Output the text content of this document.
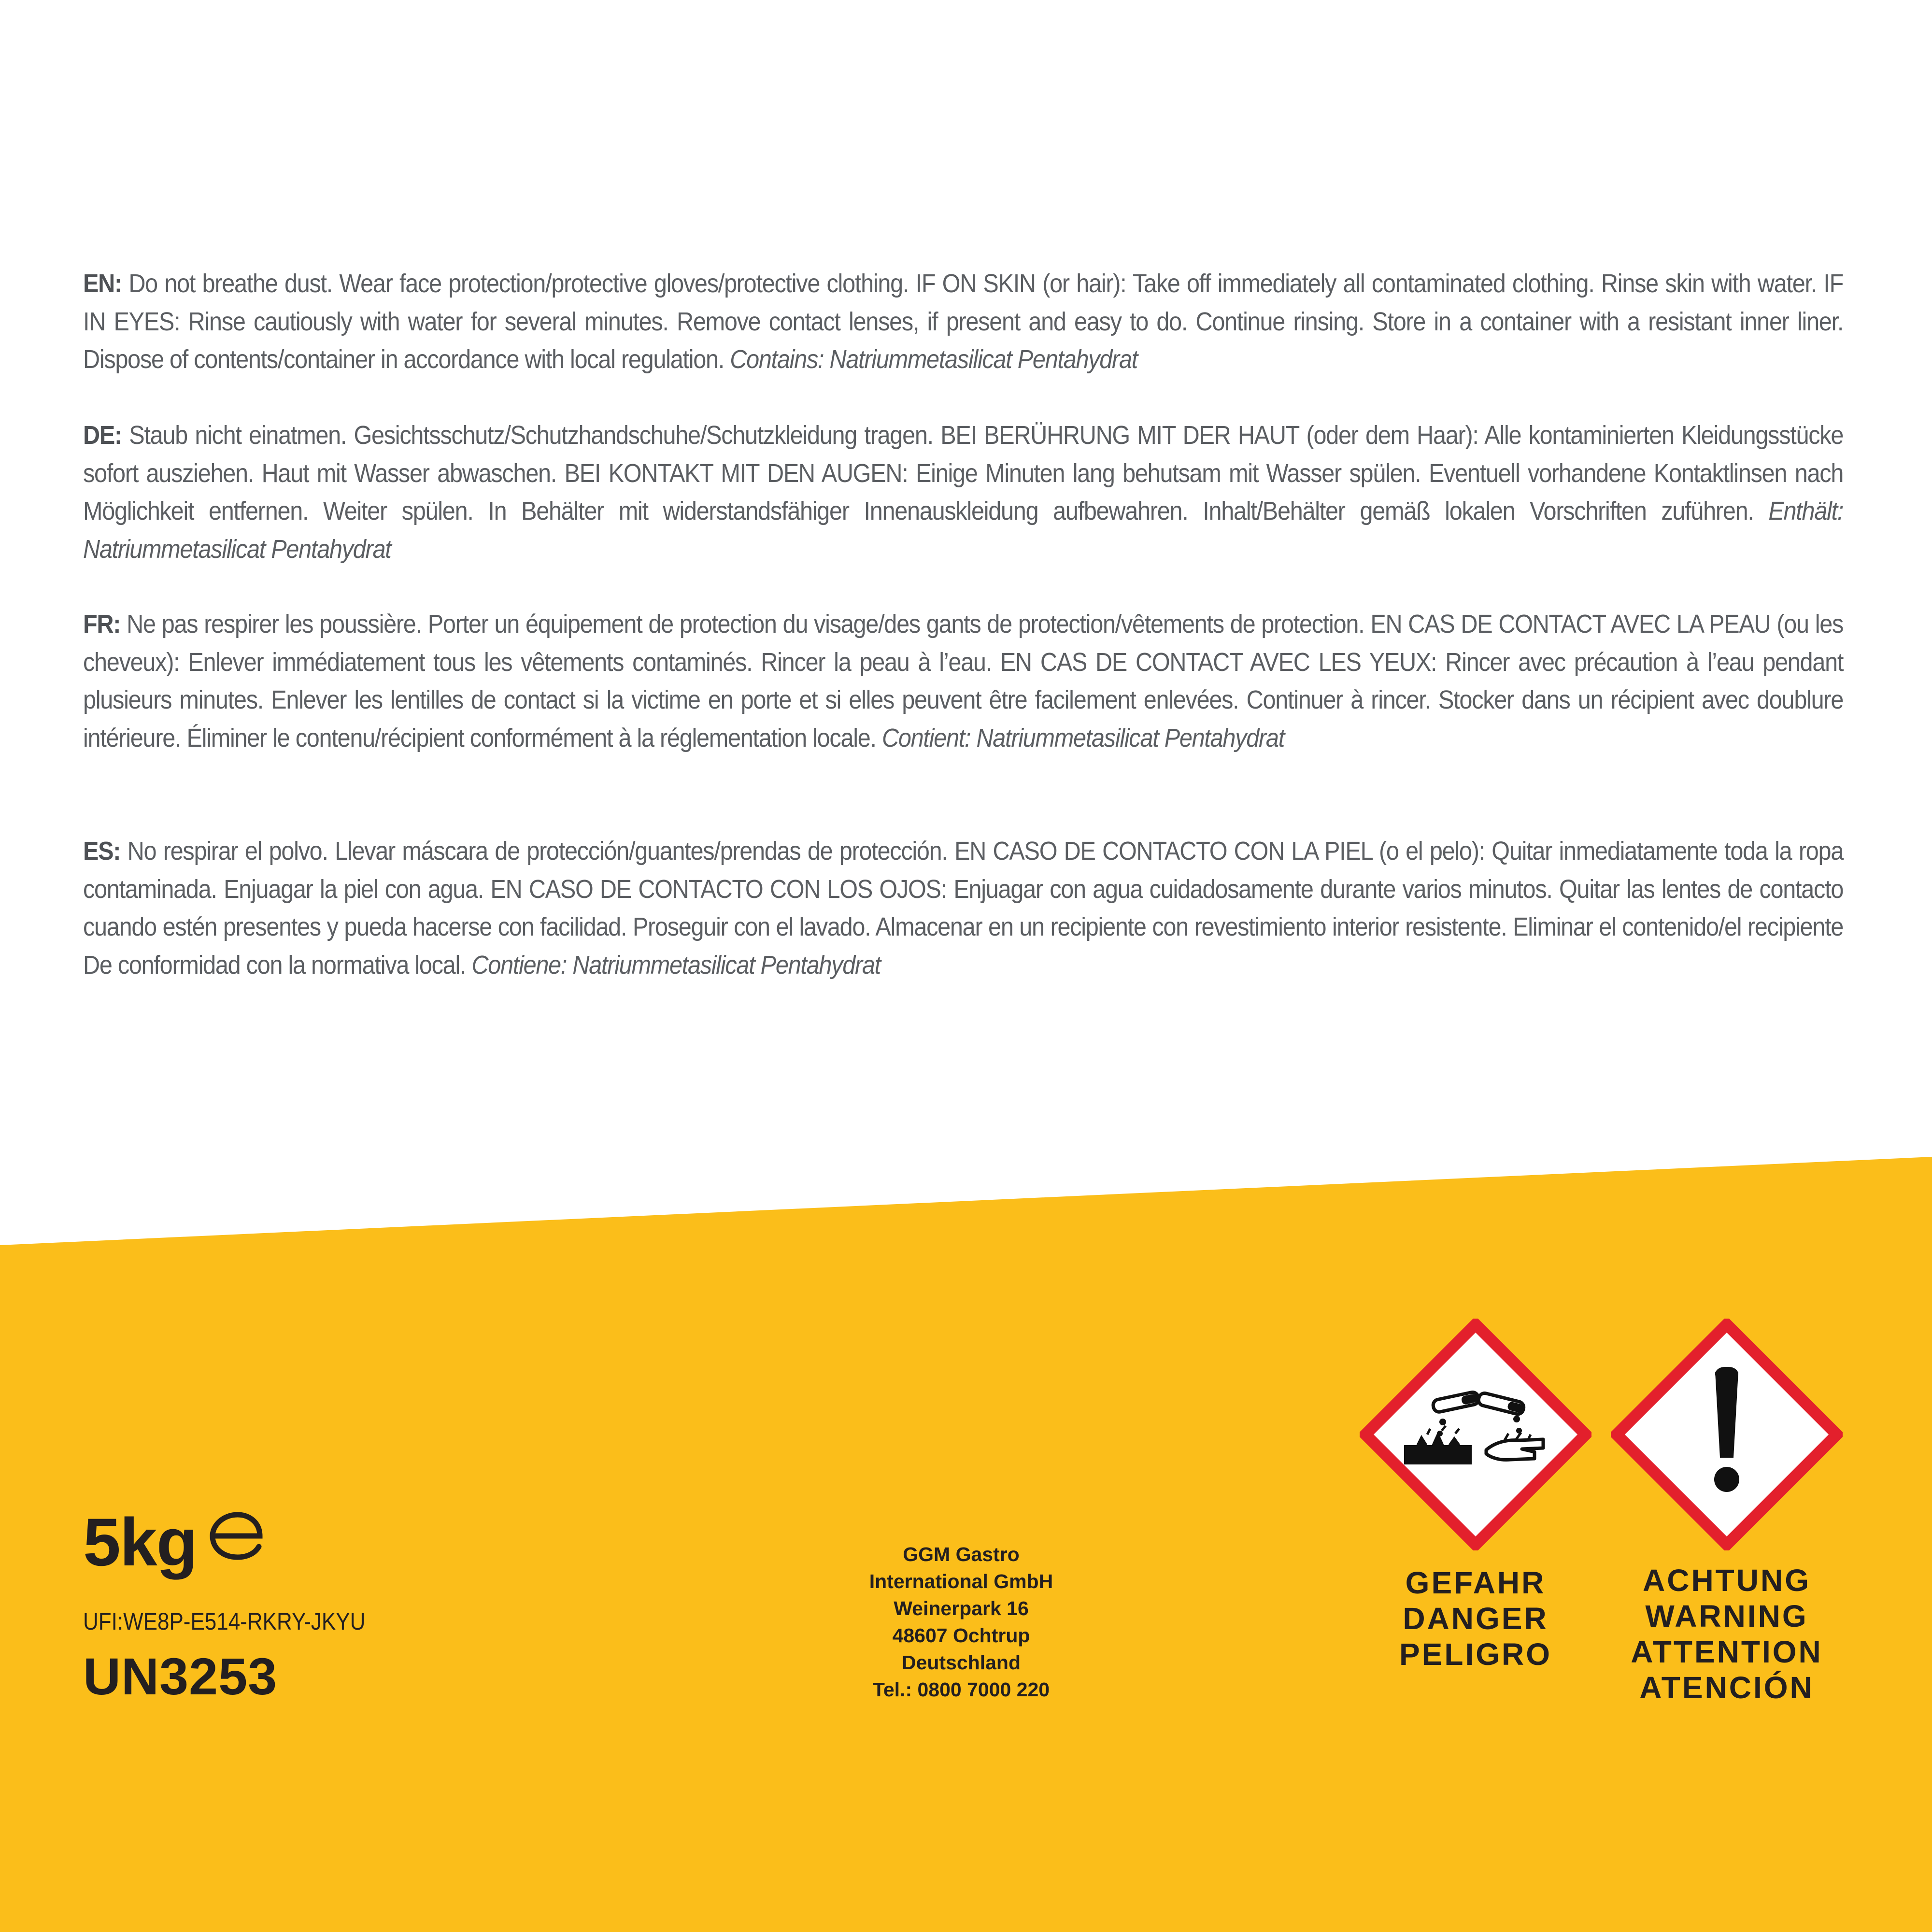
EN: Do not breathe dust. Wear face protection/protective gloves/protective clothing. IF ON SKIN (or hair): Take off immediately all contaminated clothing. Rinse skin with water. IF IN EYES: Rinse cautiously with water for several minutes. Remove contact lenses, if present and easy to do. Continue rinsing. Store in a container with a resistant inner liner. Dispose of contents/container in accordance with local regulation. Contains: Natriummetasilicat Pentahydrat
DE: Staub nicht einatmen. Gesichtsschutz/Schutzhandschuhe/Schutzkleidung tragen. BEI BERÜHRUNG MIT DER HAUT (oder dem Haar): Alle kontaminierten Kleidungsstücke sofort ausziehen. Haut mit Wasser abwaschen. BEI KONTAKT MIT DEN AUGEN: Einige Minuten lang behutsam mit Wasser spülen. Eventuell vorhandene Kontaktlinsen nach Möglichkeit entfernen. Weiter spülen. In Behälter mit widerstandsfähiger Innenauskleidung aufbewahren. Inhalt/Behälter gemäß lokalen Vorschriften zuführen. Enthält: Natriummetasilicat Pentahydrat
FR: Ne pas respirer les poussière. Porter un équipement de protection du visage/des gants de protection/vêtements de protection. EN CAS DE CONTACT AVEC LA PEAU (ou les cheveux): Enlever immédiatement tous les vêtements contaminés. Rincer la peau à l’eau. EN CAS DE CONTACT AVEC LES YEUX: Rincer avec précaution à l’eau pendant plusieurs minutes. Enlever les lentilles de contact si la victime en porte et si elles peuvent être facilement enlevées. Continuer à rincer. Stocker dans un récipient avec doublure intérieure. Éliminer le contenu/récipient conformément à la réglementation locale. Contient: Natriummetasilicat Pentahydrat
ES: No respirar el polvo. Llevar máscara de protección/guantes/prendas de protección. EN CASO DE CONTACTO CON LA PIEL (o el pelo): Quitar inmediatamente toda la ropa contaminada. Enjuagar la piel con agua. EN CASO DE CONTACTO CON LOS OJOS: Enjuagar con agua cuidadosamente durante varios minutos. Quitar las lentes de contacto cuando estén presentes y pueda hacerse con facilidad. Proseguir con el lavado. Almacenar en un recipiente con revestimiento interior resistente. Eliminar el contenido/el recipiente De conformidad con la normativa local. Contiene: Natriummetasilicat Pentahydrat
5kg
UFI:WE8P-E514-RKRY-JKYU
UN3253
GGM Gastro
International GmbH
Weinerpark 16
48607 Ochtrup
Deutschland
Tel.: 0800 7000 220
GEFAHR
DANGER
PELIGRO
ACHTUNG
WARNING
ATTENTION
ATENCIÓN
